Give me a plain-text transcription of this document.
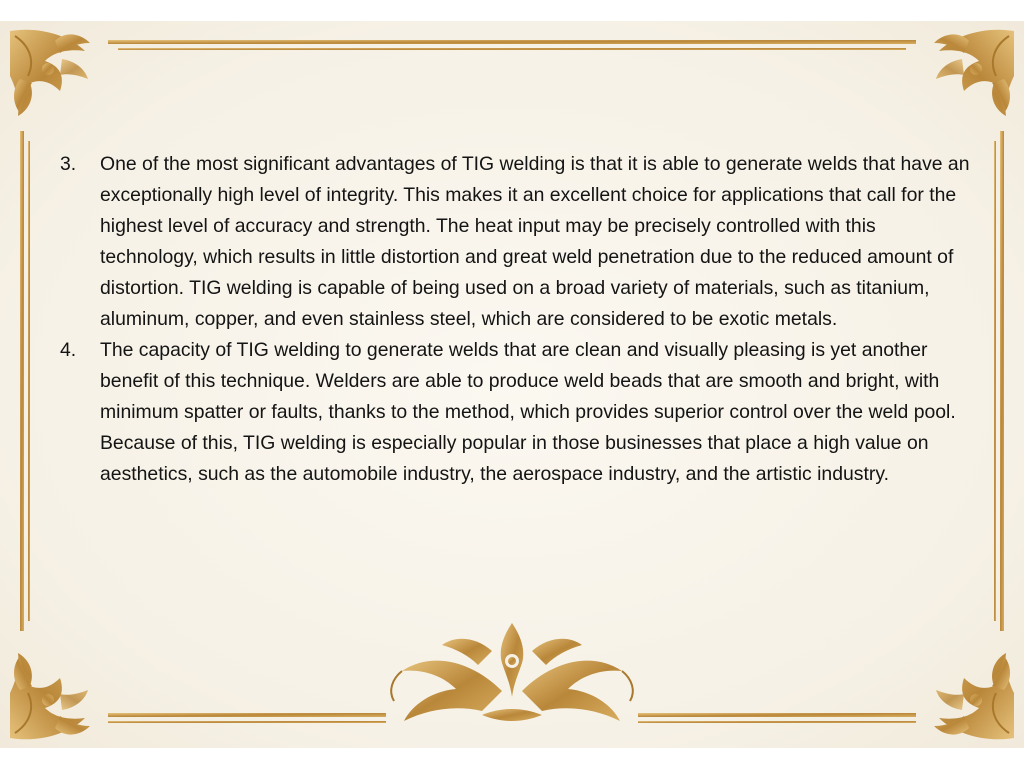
3. One of the most significant advantages of TIG welding is that it is able to generate welds that have an exceptionally high level of integrity. This makes it an excellent choice for applications that call for the highest level of accuracy and strength. The heat input may be precisely controlled with this technology, which results in little distortion and great weld penetration due to the reduced amount of distortion. TIG welding is capable of being used on a broad variety of materials, such as titanium, aluminum, copper, and even stainless steel, which are considered to be exotic metals.
4. The capacity of TIG welding to generate welds that are clean and visually pleasing is yet another benefit of this technique. Welders are able to produce weld beads that are smooth and bright, with minimum spatter or faults, thanks to the method, which provides superior control over the weld pool. Because of this, TIG welding is especially popular in those businesses that place a high value on aesthetics, such as the automobile industry, the aerospace industry, and the artistic industry.
